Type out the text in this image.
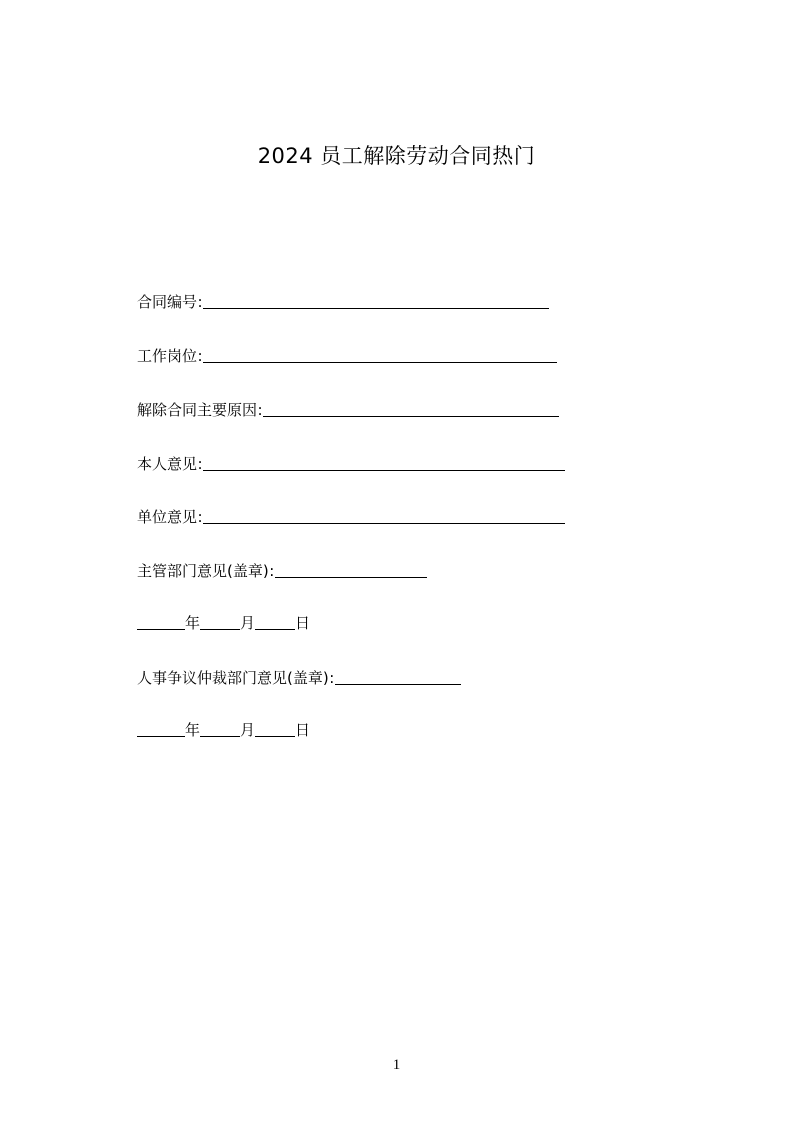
2024 员工解除劳动合同热门
合同编号 :
工作岗位 :
解除合同主要原因 :
本人意见 :
单位意见 :
主管部门意见(盖章) :
年	月	日
人事争议仲裁部门意见(盖章) :
年	月	日
1
